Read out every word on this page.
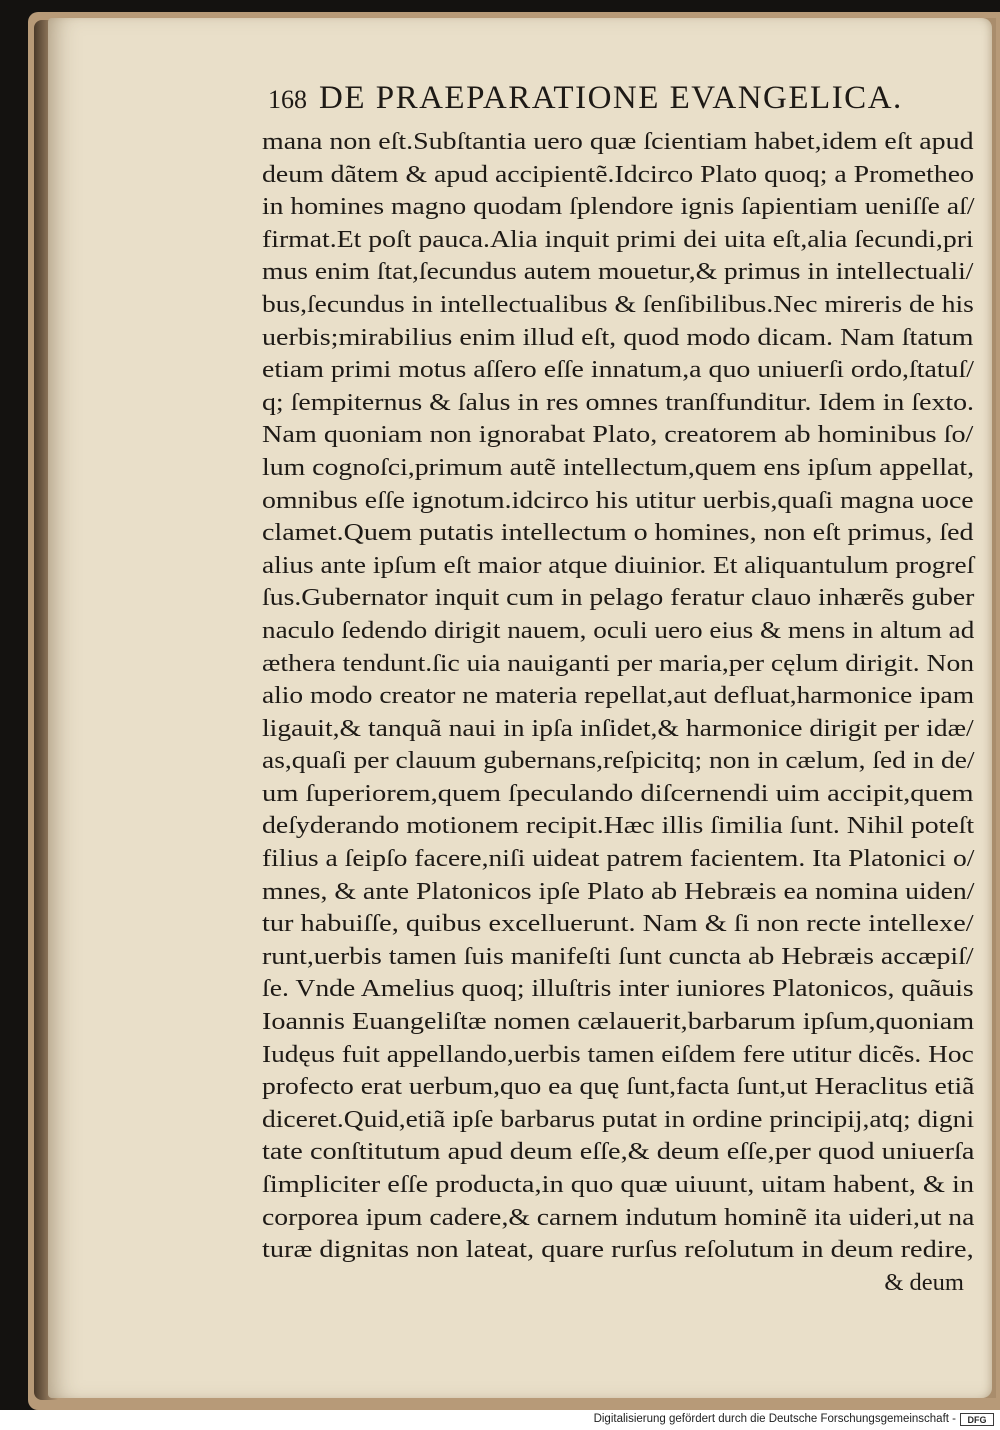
168 DE PRAEPARATIONE EVANGELICA.
mana non eſt.Subſtantia uero quæ ſcientiam habet,idem eſt apud
deum dãtem & apud accipientẽ.Idcirco Plato quoq; a Prometheo
in homines magno quodam ſplendore ignis ſapientiam ueniſſe aſ/
firmat.Et poſt pauca.Alia inquit primi dei uita eſt,alia ſecundi,pri
mus enim ſtat,ſecundus autem mouetur,& primus in intellectuali/
bus,ſecundus in intellectualibus & ſenſibilibus.Nec mireris de his
uerbis;mirabilius enim illud eſt, quod modo dicam. Nam ſtatum
etiam primi motus aſſero eſſe innatum,a quo uniuerſi ordo,ſtatuſ/
q; ſempiternus & ſalus in res omnes tranſfunditur. Idem in ſexto.
Nam quoniam non ignorabat Plato, creatorem ab hominibus ſo/
lum cognoſci,primum autẽ intellectum,quem ens ipſum appellat,
omnibus eſſe ignotum.idcirco his utitur uerbis,quaſi magna uoce
clamet.Quem putatis intellectum o homines, non eſt primus, ſed
alius ante ipſum eſt maior atque diuinior. Et aliquantulum progreſ
ſus.Gubernator inquit cum in pelago feratur clauo inhærẽs guber
naculo ſedendo dirigit nauem, oculi uero eius & mens in altum ad
æthera tendunt.ſic uia nauiganti per maria,per cęlum dirigit. Non
alio modo creator ne materia repellat,aut defluat,harmonice ipam
ligauit,& tanquã naui in ipſa inſidet,& harmonice dirigit per idæ/
as,quaſi per clauum gubernans,reſpicitq; non in cælum, ſed in de/
um ſuperiorem,quem ſpeculando diſcernendi uim accipit,quem
deſyderando motionem recipit.Hæc illis ſimilia ſunt. Nihil poteſt
filius a ſeipſo facere,niſi uideat patrem facientem. Ita Platonici o/
mnes, & ante Platonicos ipſe Plato ab Hebræis ea nomina uiden/
tur habuiſſe, quibus excelluerunt. Nam & ſi non recte intellexe/
runt,uerbis tamen ſuis manifeſti ſunt cuncta ab Hebræis accæpiſ/
ſe. Vnde Amelius quoq; illuſtris inter iuniores Platonicos, quãuis
Ioannis Euangeliſtæ nomen cælauerit,barbarum ipſum,quoniam
Iudęus fuit appellando,uerbis tamen eiſdem fere utitur dicẽs. Hoc
profecto erat uerbum,quo ea quę ſunt,facta ſunt,ut Heraclitus etiã
diceret.Quid,etiã ipſe barbarus putat in ordine principij,atq; digni
tate conſtitutum apud deum eſſe,& deum eſſe,per quod uniuerſa
ſimpliciter eſſe producta,in quo quæ uiuunt, uitam habent, & in
corporea ipum cadere,& carnem indutum hominẽ ita uideri,ut na
turæ dignitas non lateat, quare rurſus reſolutum in deum redire,
& deum
Digitalisierung gefördert durch die Deutsche Forschungsgemeinschaft -	DFG
